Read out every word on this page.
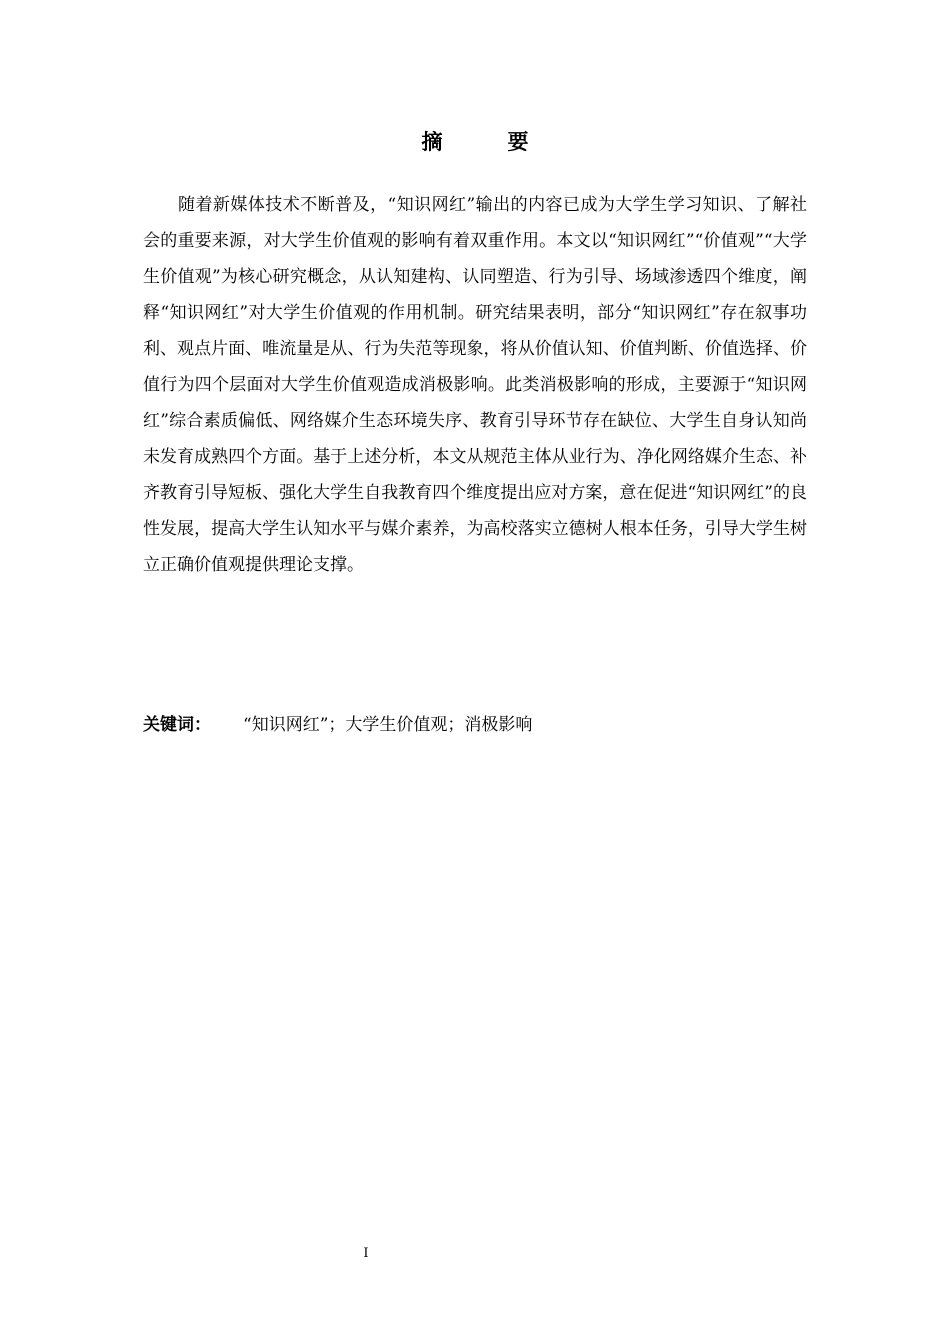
摘　要

随着新媒体技术不断普及，“知识网红”输出的内容已成为大学生学习知识、了解社会的重要来源，对大学生价值观的影响有着双重作用。本文以“知识网红”“价值观”“大学生价值观”为核心研究概念，从认知建构、认同塑造、行为引导、场域渗透四个维度，阐释“知识网红”对大学生价值观的作用机制。研究结果表明，部分“知识网红”存在叙事功利、观点片面、唯流量是从、行为失范等现象，将从价值认知、价值判断、价值选择、价值行为四个层面对大学生价值观造成消极影响。此类消极影响的形成，主要源于“知识网红”综合素质偏低、网络媒介生态环境失序、教育引导环节存在缺位、大学生自身认知尚未发育成熟四个方面。基于上述分析，本文从规范主体从业行为、净化网络媒介生态、补齐教育引导短板、强化大学生自我教育四个维度提出应对方案，意在促进“知识网红”的良性发展，提高大学生认知水平与媒介素养，为高校落实立德树人根本任务，引导大学生树立正确价值观提供理论支撑。

关键词： “知识网红”；大学生价值观；消极影响
I
